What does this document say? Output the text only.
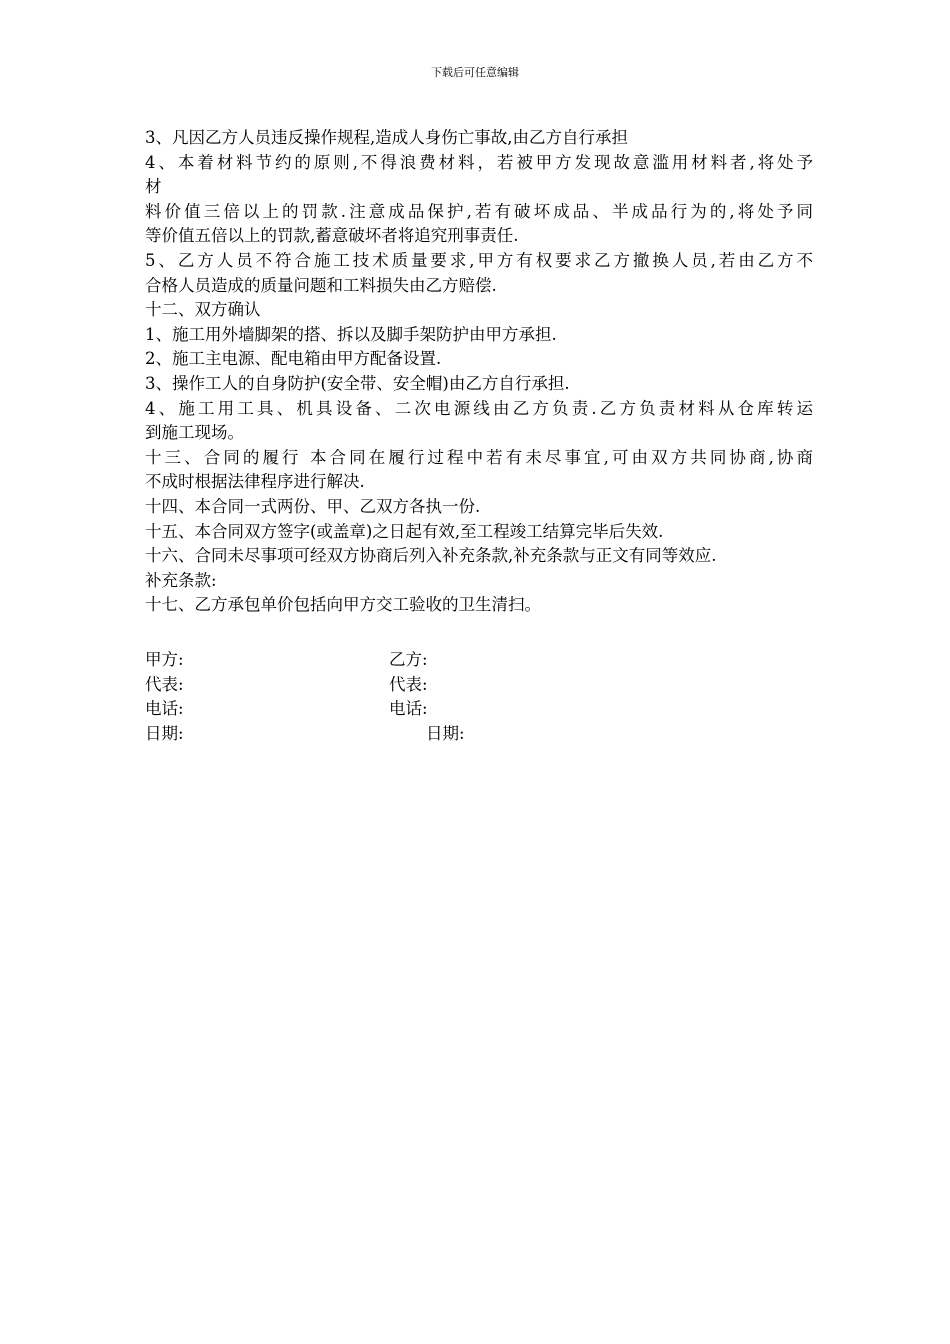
下载后可任意编辑
3、凡因乙方人员违反操作规程,造成人身伤亡事故,由乙方自行承担
4、本着材料节约的原则,不得浪费材料，若被甲方发现故意滥用材料者,将处予
材
料价值三倍以上的罚款.注意成品保护,若有破坏成品、半成品行为的,将处予同
等价值五倍以上的罚款,蓄意破坏者将追究刑事责任.
5、乙方人员不符合施工技术质量要求,甲方有权要求乙方撤换人员,若由乙方不
合格人员造成的质量问题和工料损失由乙方赔偿.
十二、双方确认
1、施工用外墙脚架的搭、拆以及脚手架防护由甲方承担.
2、施工主电源、配电箱由甲方配备设置.
3、操作工人的自身防护(安全带、安全帽)由乙方自行承担.
4、施工用工具、机具设备、二次电源线由乙方负责.乙方负责材料从仓库转运
到施工现场。
十三、合同的履行 本合同在履行过程中若有未尽事宜,可由双方共同协商,协商
不成时根据法律程序进行解决.
十四、本合同一式两份、甲、乙双方各执一份.
十五、本合同双方签字(或盖章)之日起有效,至工程竣工结算完毕后失效.
十六、合同未尽事项可经双方协商后列入补充条款,补充条款与正文有同等效应.
补充条款:
十七、乙方承包单价包括向甲方交工验收的卫生清扫。
甲方:	乙方:
代表:	代表:
电话:	电话:
日期:	日期:
